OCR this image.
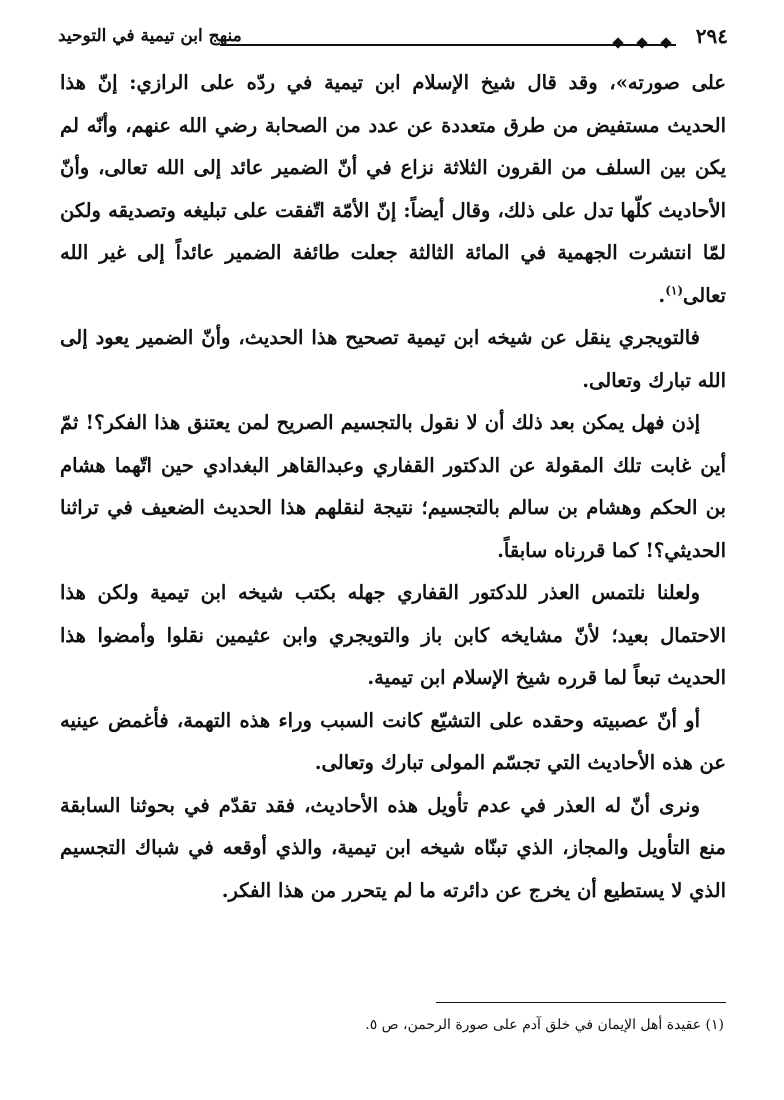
٢٩٤
منهج ابن تيمية في التوحيد

على صورته»، وقد قال شيخ الإسلام ابن تيمية في ردّه على الرازي: إنّ هذا الحديث مستفيض من طرق متعددة عن عدد من الصحابة رضي الله عنهم، وأنّه لم يكن بين السلف من القرون الثلاثة نزاع في أنّ الضمير عائد إلى الله تعالى، وأنّ الأحاديث كلّها تدل على ذلك، وقال أيضاً: إنّ الأمّة اتّفقت على تبليغه وتصديقه ولكن لمّا انتشرت الجهمية في المائة الثالثة جعلت طائفة الضمير عائداً إلى غير الله تعالى$^{(١)}$.

فالتويجري ينقل عن شيخه ابن تيمية تصحيح هذا الحديث، وأنّ الضمير يعود إلى الله تبارك وتعالى.

إذن فهل يمكن بعد ذلك أن لا نقول بالتجسيم الصريح لمن يعتنق هذا الفكر؟! ثمّ أين غابت تلك المقولة عن الدكتور القفاري وعبدالقاهر البغدادي حين اتّهما هشام بن الحكم وهشام بن سالم بالتجسيم؛ نتيجة لنقلهم هذا الحديث الضعيف في تراثنا الحديثي؟! كما قررناه سابقاً.

ولعلنا نلتمس العذر للدكتور القفاري جهله بكتب شيخه ابن تيمية ولكن هذا الاحتمال بعيد؛ لأنّ مشايخه كابن باز والتويجري وابن عثيمين نقلوا وأمضوا هذا الحديث تبعاً لما قرره شيخ الإسلام ابن تيمية.

أو أنّ عصبيته وحقده على التشيّع كانت السبب وراء هذه التهمة، فأغمض عينيه عن هذه الأحاديث التي تجسّم المولى تبارك وتعالى.

ونرى أنّ له العذر في عدم تأويل هذه الأحاديث، فقد تقدّم في بحوثنا السابقة منع التأويل والمجاز، الذي تبنّاه شيخه ابن تيمية، والذي أوقعه في شباك التجسيم الذي لا يستطيع أن يخرج عن دائرته ما لم يتحرر من هذا الفكر.

(١) عقيدة أهل الإيمان في خلق آدم على صورة الرحمن، ص ٥.
